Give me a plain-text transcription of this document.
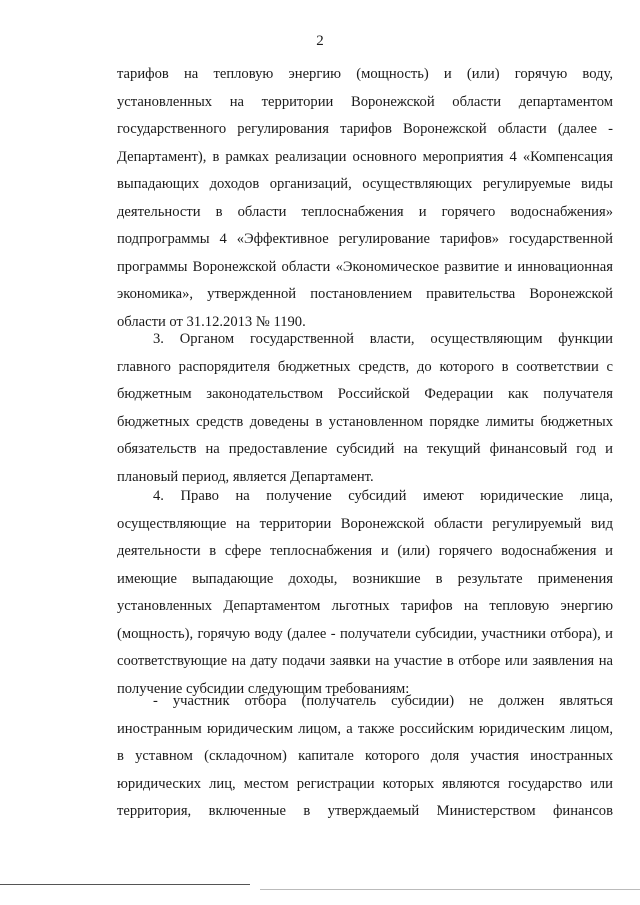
2
тарифов на тепловую энергию (мощность) и (или) горячую воду,
установленных на территории Воронежской области департаментом
государственного регулирования тарифов Воронежской области (далее -
Департамент), в рамках реализации основного мероприятия 4 «Компенсация
выпадающих доходов организаций, осуществляющих регулируемые виды
деятельности в области теплоснабжения и горячего водоснабжения»
подпрограммы 4 «Эффективное регулирование тарифов» государственной
программы Воронежской области «Экономическое развитие и инновационная
экономика», утвержденной постановлением правительства Воронежской
области от 31.12.2013 № 1190.
3. Органом государственной власти, осуществляющим функции
главного распорядителя бюджетных средств, до которого в соответствии с
бюджетным законодательством Российской Федерации как получателя
бюджетных средств доведены в установленном порядке лимиты бюджетных
обязательств на предоставление субсидий на текущий финансовый год и
плановый период, является Департамент.
4. Право на получение субсидий имеют юридические лица,
осуществляющие на территории Воронежской области регулируемый вид
деятельности в сфере теплоснабжения и (или) горячего водоснабжения и
имеющие выпадающие доходы, возникшие в результате применения
установленных Департаментом льготных тарифов на тепловую энергию
(мощность), горячую воду (далее - получатели субсидии, участники отбора), и
соответствующие на дату подачи заявки на участие в отборе или заявления на
получение субсидии следующим требованиям:
- участник отбора (получатель субсидии) не должен являться
иностранным юридическим лицом, а также российским юридическим лицом,
в уставном (складочном) капитале которого доля участия иностранных
юридических лиц, местом регистрации которых являются государство или
территория, включенные в утверждаемый Министерством финансов
